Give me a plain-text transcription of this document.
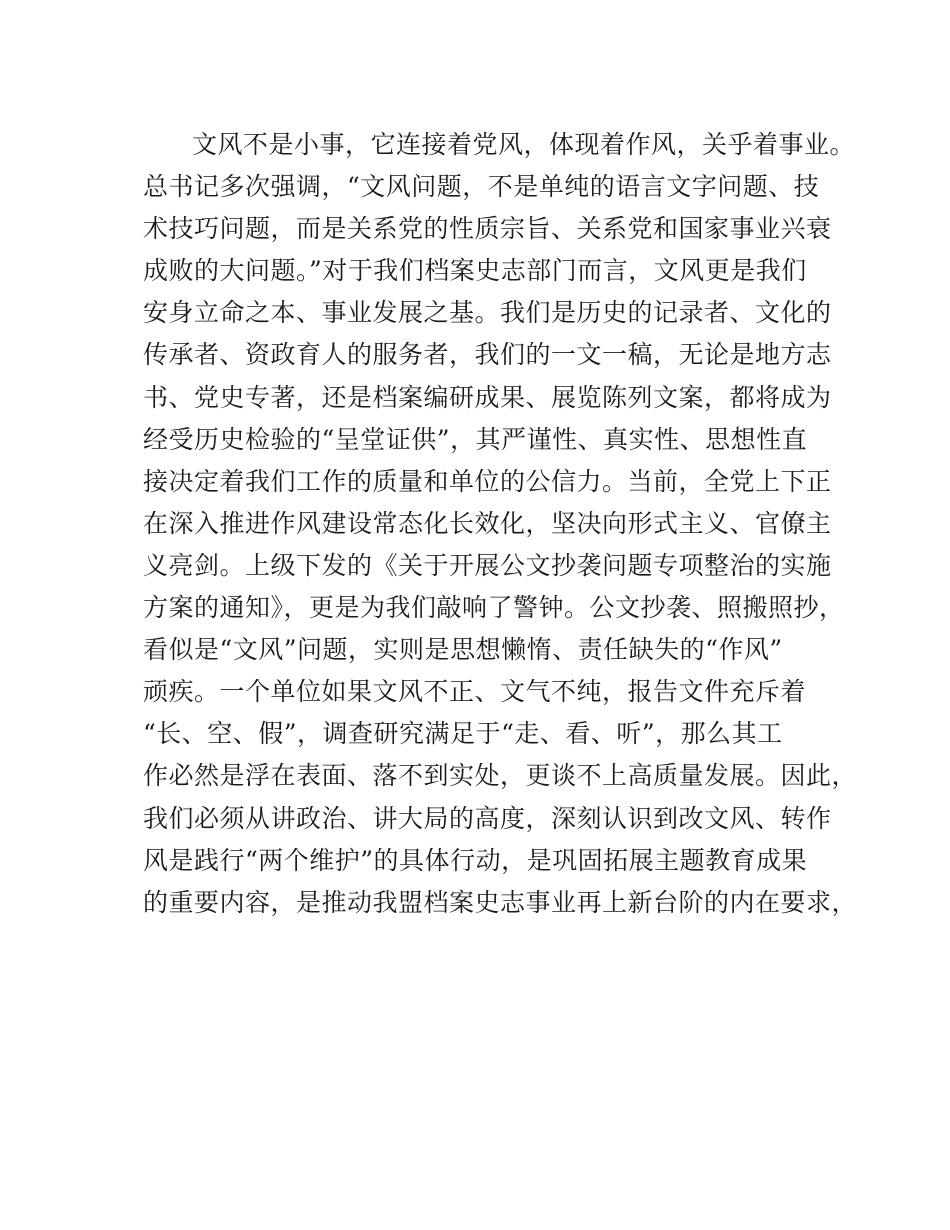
文风不是小事，它连接着党风，体现着作风，关乎着事业。
总书记多次强调，“文风问题，不是单纯的语言文字问题、技
术技巧问题，而是关系党的性质宗旨、关系党和国家事业兴衰
成败的大问题。”对于我们档案史志部门而言，文风更是我们
安身立命之本、事业发展之基。我们是历史的记录者、文化的
传承者、资政育人的服务者，我们的一文一稿，无论是地方志
书、党史专著，还是档案编研成果、展览陈列文案，都将成为
经受历史检验的“呈堂证供”，其严谨性、真实性、思想性直
接决定着我们工作的质量和单位的公信力。当前，全党上下正
在深入推进作风建设常态化长效化，坚决向形式主义、官僚主
义亮剑。上级下发的《关于开展公文抄袭问题专项整治的实施
方案的通知》，更是为我们敲响了警钟。公文抄袭、照搬照抄，
看似是“文风”问题，实则是思想懒惰、责任缺失的“作风”
顽疾。一个单位如果文风不正、文气不纯，报告文件充斥着
“长、空、假”，调查研究满足于“走、看、听”，那么其工
作必然是浮在表面、落不到实处，更谈不上高质量发展。因此，
我们必须从讲政治、讲大局的高度，深刻认识到改文风、转作
风是践行“两个维护”的具体行动，是巩固拓展主题教育成果
的重要内容，是推动我盟档案史志事业再上新台阶的内在要求，
